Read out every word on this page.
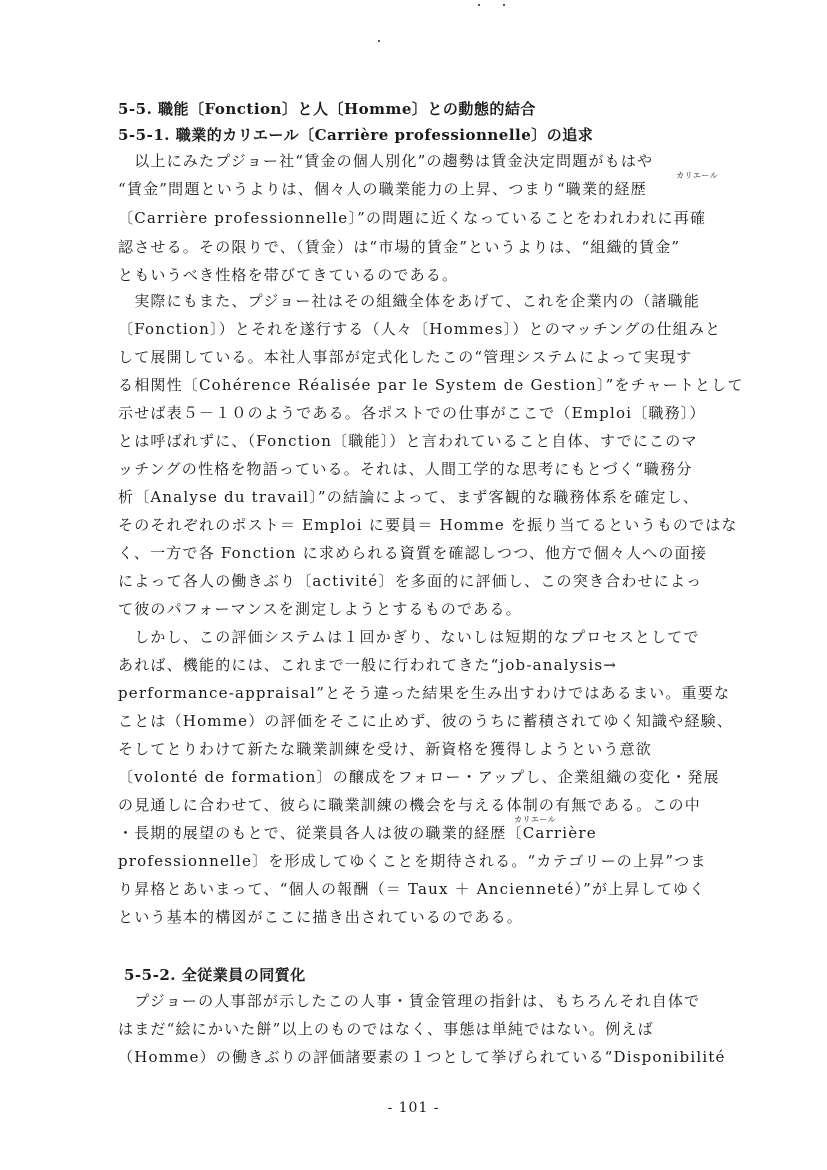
5-5. 職能〔Fonction〕と人〔Homme〕との動態的結合
5-5-1. 職業的カリエール〔Carrière professionnelle〕の追求
　以上にみたプジョー社“賃金の個人別化”の趨勢は賃金決定問題がもはや
カリエール
“賃金”問題というよりは、個々人の職業能力の上昇、つまり“職業的経歴
〔Carrière professionnelle〕”の問題に近くなっていることをわれわれに再確
認させる。その限りで、（賃金）は“市場的賃金”というよりは、“組織的賃金”
ともいうべき性格を帯びてきているのである。
　実際にもまた、プジョー社はその組織全体をあげて、これを企業内の（諸職能
〔Fonction〕）とそれを遂行する（人々〔Hommes〕）とのマッチングの仕組みと
して展開している。本社人事部が定式化したこの“管理システムによって実現す
る相関性〔Cohérence Réalisée par le System de Gestion〕”をチャートとして
示せば表５－１０のようである。各ポストでの仕事がここで（Emploi〔職務〕）
とは呼ばれずに、（Fonction〔職能〕）と言われていること自体、すでにこのマ
ッチングの性格を物語っている。それは、人間工学的な思考にもとづく“職務分
析〔Analyse du travail〕”の結論によって、まず客観的な職務体系を確定し、
そのそれぞれのポスト＝ Emploi に要員＝ Homme を振り当てるというものではな
く、一方で各 Fonction に求められる資質を確認しつつ、他方で個々人への面接
によって各人の働きぶり〔activité〕を多面的に評価し、この突き合わせによっ
て彼のパフォーマンスを測定しようとするものである。
　しかし、この評価システムは１回かぎり、ないしは短期的なプロセスとしてで
あれば、機能的には、これまで一般に行われてきた“job-analysis→
performance-appraisal”とそう違った結果を生み出すわけではあるまい。重要な
ことは（Homme）の評価をそこに止めず、彼のうちに蓄積されてゆく知識や経験、
そしてとりわけて新たな職業訓練を受け、新資格を獲得しようという意欲
〔volonté de formation〕の醸成をフォロー・アップし、企業組織の変化・発展
の見通しに合わせて、彼らに職業訓練の機会を与える体制の有無である。この中
カリエール
・長期的展望のもとで、従業員各人は彼の職業的経歴〔Carrière
professionnelle〕を形成してゆくことを期待される。“カテゴリーの上昇”つま
り昇格とあいまって、“個人の報酬（＝ Taux ＋ Ancienneté）”が上昇してゆく
という基本的構図がここに描き出されているのである。
5-5-2. 全従業員の同質化
　プジョーの人事部が示したこの人事・賃金管理の指針は、もちろんそれ自体で
はまだ“絵にかいた餅”以上のものではなく、事態は単純ではない。例えば
（Homme）の働きぶりの評価諸要素の１つとして挙げられている“Disponibilité
- 101 -
